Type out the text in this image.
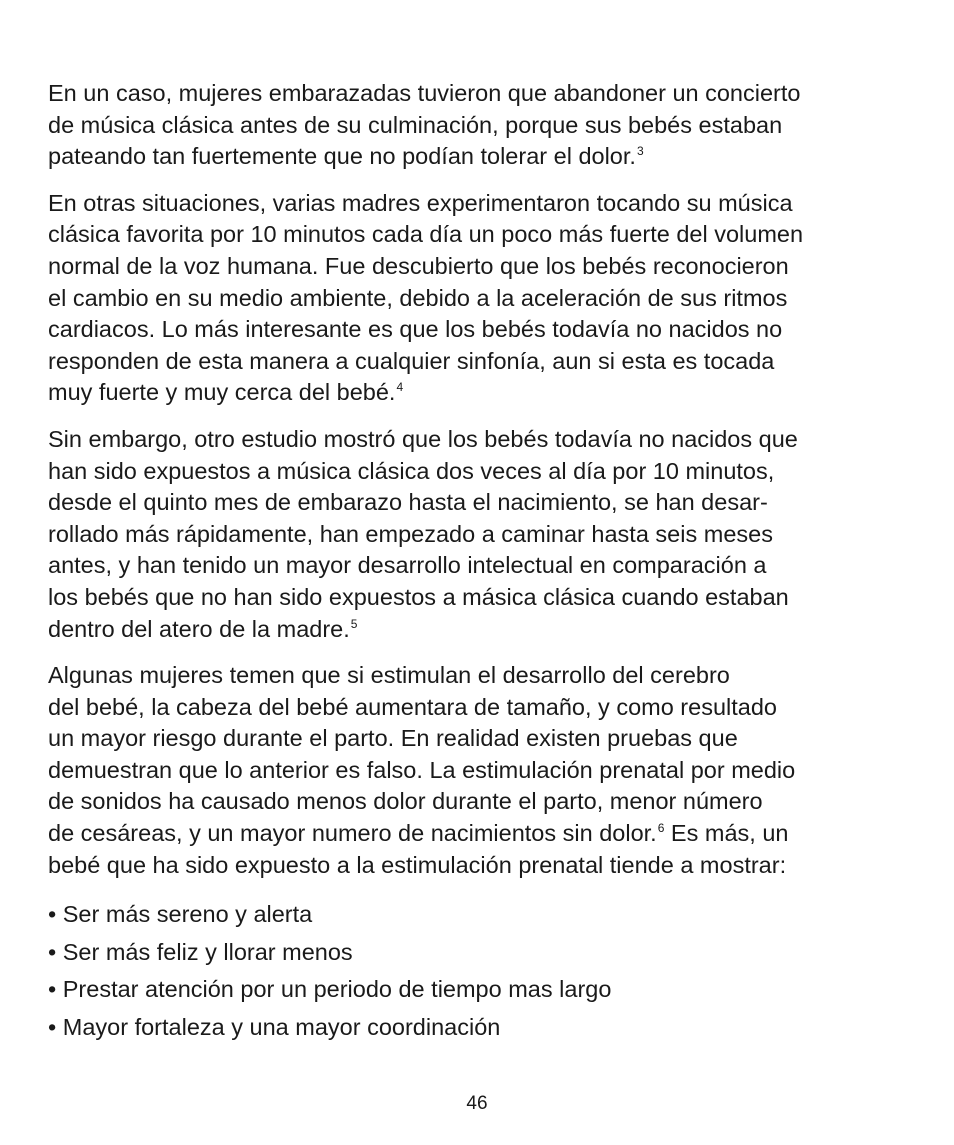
En un caso, mujeres embarazadas tuvieron que abandoner un concierto
de música clásica antes de su culminación, porque sus bebés estaban
pateando tan fuertemente que no podían tolerar el dolor.$^3$

En otras situaciones, varias madres experimentaron tocando su música
clásica favorita por 10 minutos cada día un poco más fuerte del volumen
normal de la voz humana. Fue descubierto que los bebés reconocieron
el cambio en su medio ambiente, debido a la aceleración de sus ritmos
cardiacos. Lo más interesante es que los bebés todavía no nacidos no
responden de esta manera a cualquier sinfonía, aun si esta es tocada
muy fuerte y muy cerca del bebé.$^4$

Sin embargo, otro estudio mostró que los bebés todavía no nacidos que
han sido expuestos a música clásica dos veces al día por 10 minutos,
desde el quinto mes de embarazo hasta el nacimiento, se han desar-
rollado más rápidamente, han empezado a caminar hasta seis meses
antes, y han tenido un mayor desarrollo intelectual en comparación a
los bebés que no han sido expuestos a másica clásica cuando estaban
dentro del atero de la madre.$^5$

Algunas mujeres temen que si estimulan el desarrollo del cerebro
del bebé, la cabeza del bebé aumentara de tamaño, y como resultado
un mayor riesgo durante el parto. En realidad existen pruebas que
demuestran que lo anterior es falso. La estimulación prenatal por medio
de sonidos ha causado menos dolor durante el parto, menor número
de cesáreas, y un mayor numero de nacimientos sin dolor.$^6$ Es más, un
bebé que ha sido expuesto a la estimulación prenatal tiende a mostrar:

• Ser más sereno y alerta
• Ser más feliz y llorar menos
• Prestar atención por un periodo de tiempo mas largo
• Mayor fortaleza y una mayor coordinación
46
